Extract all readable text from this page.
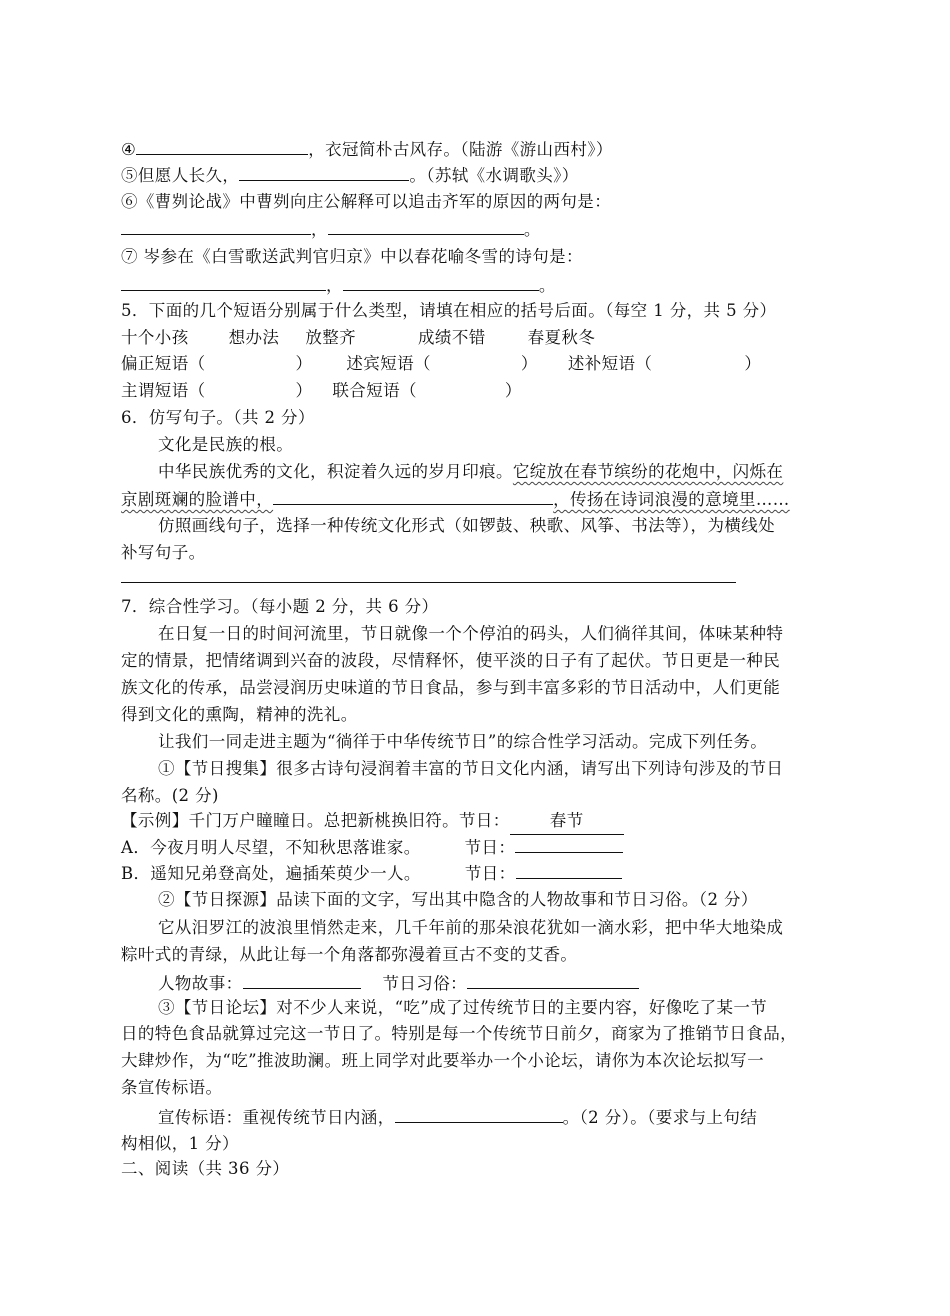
④	，衣冠简朴古风存。（陆游《游山西村》）
⑤但愿人长久，	。（苏轼《水调歌头》）
⑥《曹刿论战》中曹刿向庄公解释可以追击齐军的原因的两句是：
，	。
⑦ 岑参在《白雪歌送武判官归京》中以春花喻冬雪的诗句是：
，	。
5．下面的几个短语分别属于什么类型，请填在相应的括号后面。（每空 1 分，共 5 分）
十个小孩 想办法 放整齐	成绩不错	春夏秋冬
偏正短语（	） 述宾短语（	） 述补短语（	）
主谓短语（	） 联合短语（	）
6．仿写句子。（共 2 分）
文化是民族的根。
中华民族优秀的文化，积淀着久远的岁月印痕。它绽放在春节缤纷的花炮中，闪烁在
京剧斑斓的脸谱中，	，传扬在诗词浪漫的意境里……
仿照画线句子，选择一种传统文化形式（如锣鼓、秧歌、风筝、书法等），为横线处
补写句子。
7．综合性学习。（每小题 2 分，共 6 分）
在日复一日的时间河流里，节日就像一个个停泊的码头，人们徜徉其间，体味某种特
定的情景，把情绪调到兴奋的波段，尽情释怀，使平淡的日子有了起伏。节日更是一种民
族文化的传承，品尝浸润历史味道的节日食品，参与到丰富多彩的节日活动中，人们更能
得到文化的熏陶，精神的洗礼。
让我们一同走进主题为“徜徉于中华传统节日”的综合性学习活动。完成下列任务。
①【节日搜集】很多古诗句浸润着丰富的节日文化内涵，请写出下列诗句涉及的节日
名称。(2 分)
【示例】千门万户瞳瞳日。总把新桃换旧符。节日： 春节
A．今夜月明人尽望，不知秋思落谁家。	节日：
B．遥知兄弟登高处，遍插茱萸少一人。	节日：
②【节日探源】品读下面的文字，写出其中隐含的人物故事和节日习俗。（2 分）
它从汨罗江的波浪里悄然走来，几千年前的那朵浪花犹如一滴水彩，把中华大地染成
粽叶式的青绿，从此让每一个角落都弥漫着亘古不变的艾香。
人物故事：	节日习俗：
③【节日论坛】对不少人来说，“吃”成了过传统节日的主要内容，好像吃了某一节
日的特色食品就算过完这一节日了。特别是每一个传统节日前夕，商家为了推销节日食品，
大肆炒作，为“吃”推波助澜。班上同学对此要举办一个小论坛，请你为本次论坛拟写一
条宣传标语。
宣传标语：重视传统节日内涵，	。（2 分）。（要求与上句结
构相似，1 分）
二、阅读（共 36 分）
